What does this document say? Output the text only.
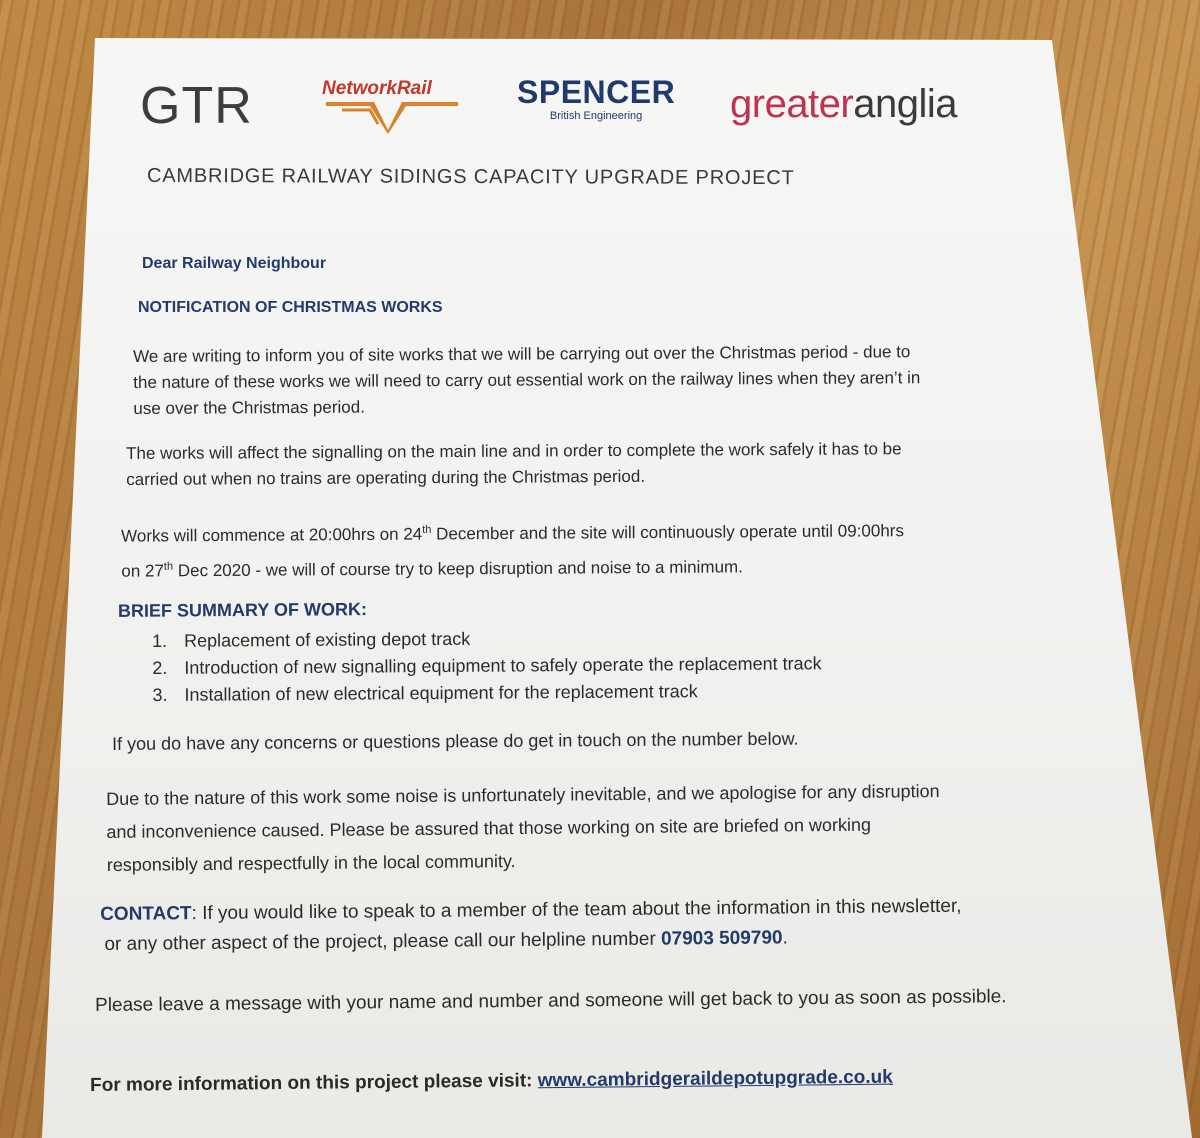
GTR	NetworkRail	SPENCER
British Engineering	greateranglia
CAMBRIDGE RAILWAY SIDINGS CAPACITY UPGRADE PROJECT
Dear Railway Neighbour
NOTIFICATION OF CHRISTMAS WORKS
We are writing to inform you of site works that we will be carrying out over the Christmas period - due to
the nature of these works we will need to carry out essential work on the railway lines when they aren’t in
use over the Christmas period.
The works will affect the signalling on the main line and in order to complete the work safely it has to be
carried out when no trains are operating during the Christmas period.
Works will commence at 20:00hrs on 24th December and the site will continuously operate until 09:00hrs
on 27th Dec 2020 - we will of course try to keep disruption and noise to a minimum.
BRIEF SUMMARY OF WORK:
1. Replacement of existing depot track
2. Introduction of new signalling equipment to safely operate the replacement track
3. Installation of new electrical equipment for the replacement track
If you do have any concerns or questions please do get in touch on the number below.
Due to the nature of this work some noise is unfortunately inevitable, and we apologise for any disruption
and inconvenience caused. Please be assured that those working on site are briefed on working
responsibly and respectfully in the local community.
CONTACT: If you would like to speak to a member of the team about the information in this newsletter,
or any other aspect of the project, please call our helpline number 07903 509790.
Please leave a message with your name and number and someone will get back to you as soon as possible.
For more information on this project please visit: www.cambridgeraildepotupgrade.co.uk
